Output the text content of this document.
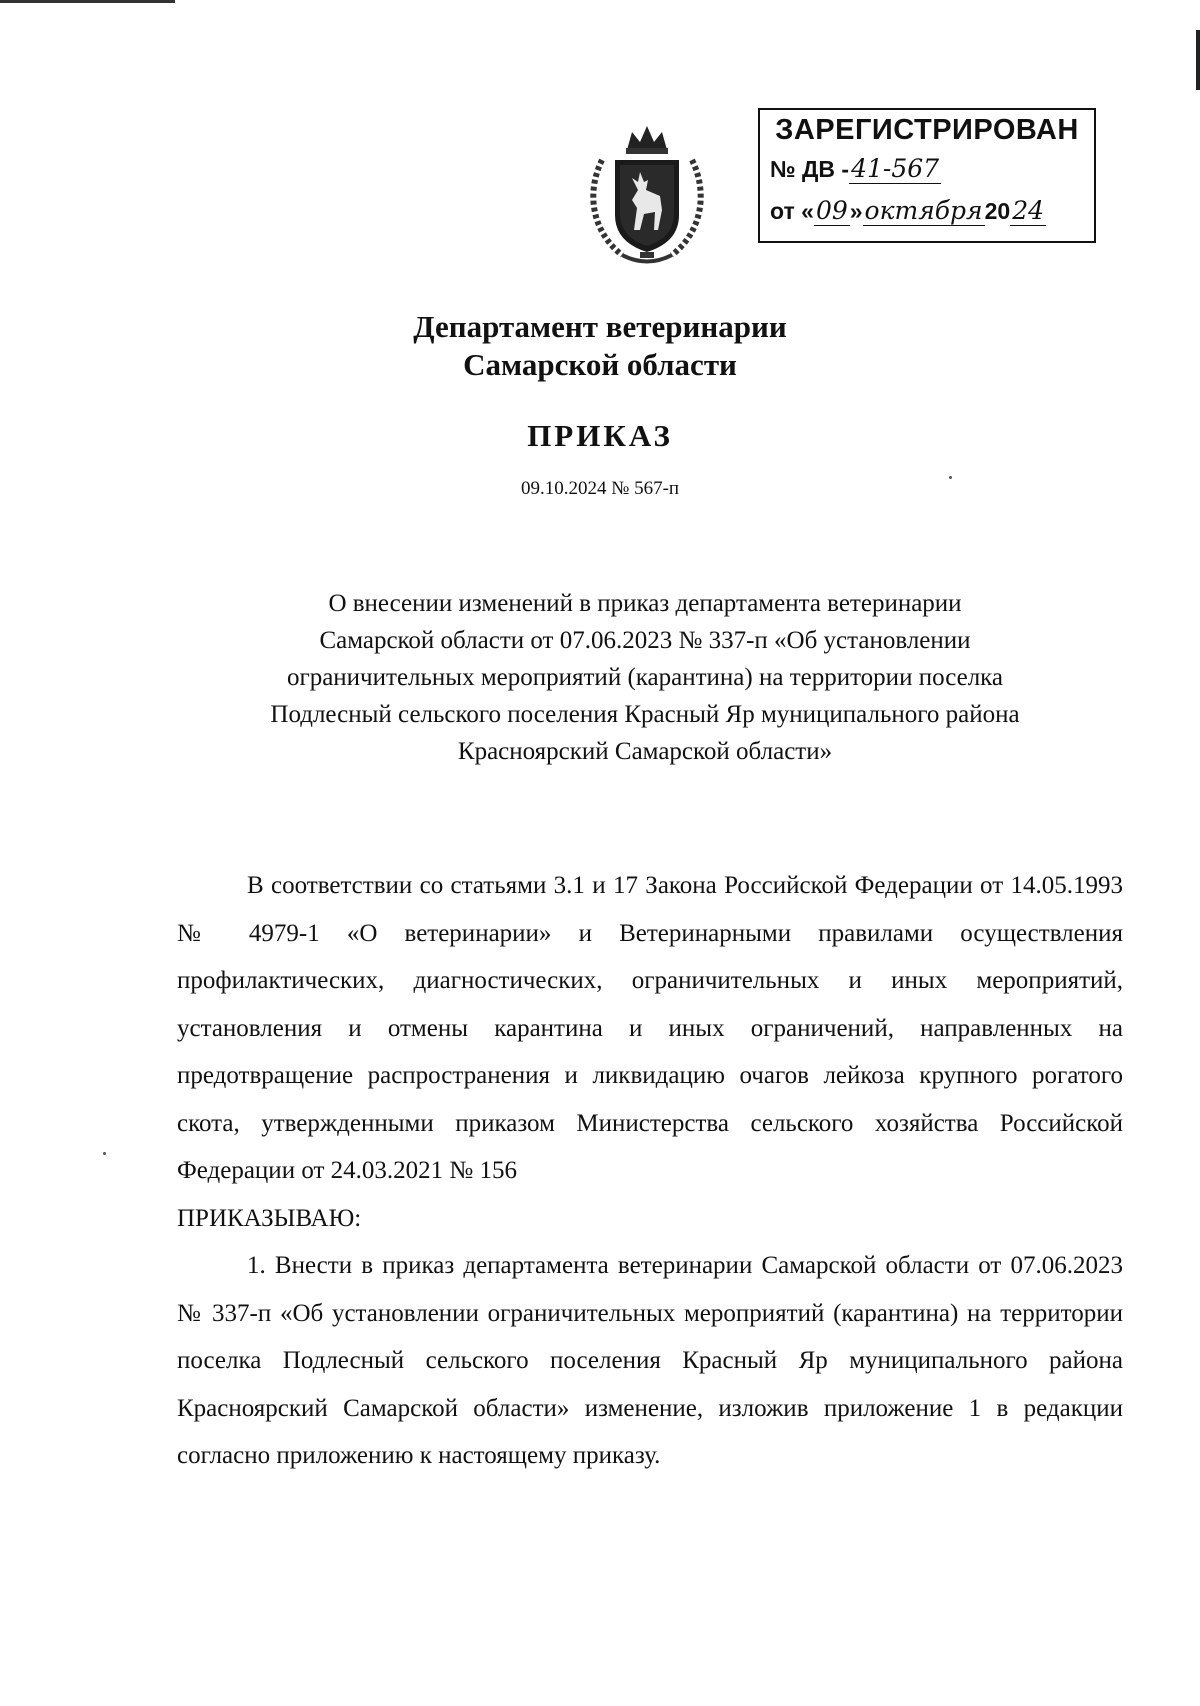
ЗАРЕГИСТРИРОВАН
№ ДВ -41-567
от «09»октября2024
Департамент ветеринарии
Самарской области
ПРИКАЗ
09.10.2024 № 567-п
О внесении изменений в приказ департамента ветеринарии
Самарской области от 07.06.2023 № 337-п «Об установлении
ограничительных мероприятий (карантина) на территории поселка
Подлесный сельского поселения Красный Яр муниципального района
Красноярский Самарской области»

В соответствии со статьями 3.1 и 17 Закона Российской Федерации от 14.05.1993 № 4979-1 «О ветеринарии» и Ветеринарными правилами осуществления профилактических, диагностических, ограничительных и иных мероприятий, установления и отмены карантина и иных ограничений, направленных на предотвращение распространения и ликвидацию очагов лейкоза крупного рогатого скота, утвержденными приказом Министерства сельского хозяйства Российской Федерации от 24.03.2021 № 156

ПРИКАЗЫВАЮ:

1. Внести в приказ департамента ветеринарии Самарской области от 07.06.2023 № 337-п «Об установлении ограничительных мероприятий (карантина) на территории поселка Подлесный сельского поселения Красный Яр муниципального района Красноярский Самарской области» изменение, изложив приложение 1 в редакции согласно приложению к настоящему приказу.
